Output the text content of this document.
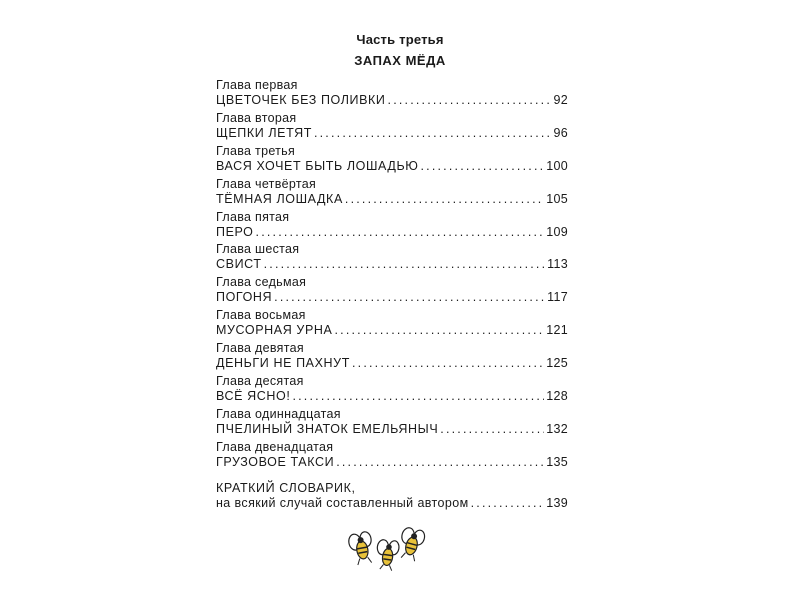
Часть третья
ЗАПАХ МЁДА
Глава первая
ЦВЕТОЧЕК БЕЗ ПОЛИВКИ .....	92
Глава вторая
ЩЕПКИ ЛЕТЯТ .....	96
Глава третья
ВАСЯ ХОЧЕТ БЫТЬ ЛОШАДЬЮ .....	100
Глава четвёртая
ТЁМНАЯ ЛОШАДКА .....	105
Глава пятая
ПЕРО .....	109
Глава шестая
СВИСТ .....	113
Глава седьмая
ПОГОНЯ .....	117
Глава восьмая
МУСОРНАЯ УРНА .....	121
Глава девятая
ДЕНЬГИ НЕ ПАХНУТ .....	125
Глава десятая
ВСЁ ЯСНО! .....	128
Глава одиннадцатая
ПЧЕЛИНЫЙ ЗНАТОК ЕМЕЛЬЯНЫЧ .....	132
Глава двенадцатая
ГРУЗОВОЕ ТАКСИ .....	135
КРАТКИЙ СЛОВАРИК,
на всякий случай составленный автором .....	139
